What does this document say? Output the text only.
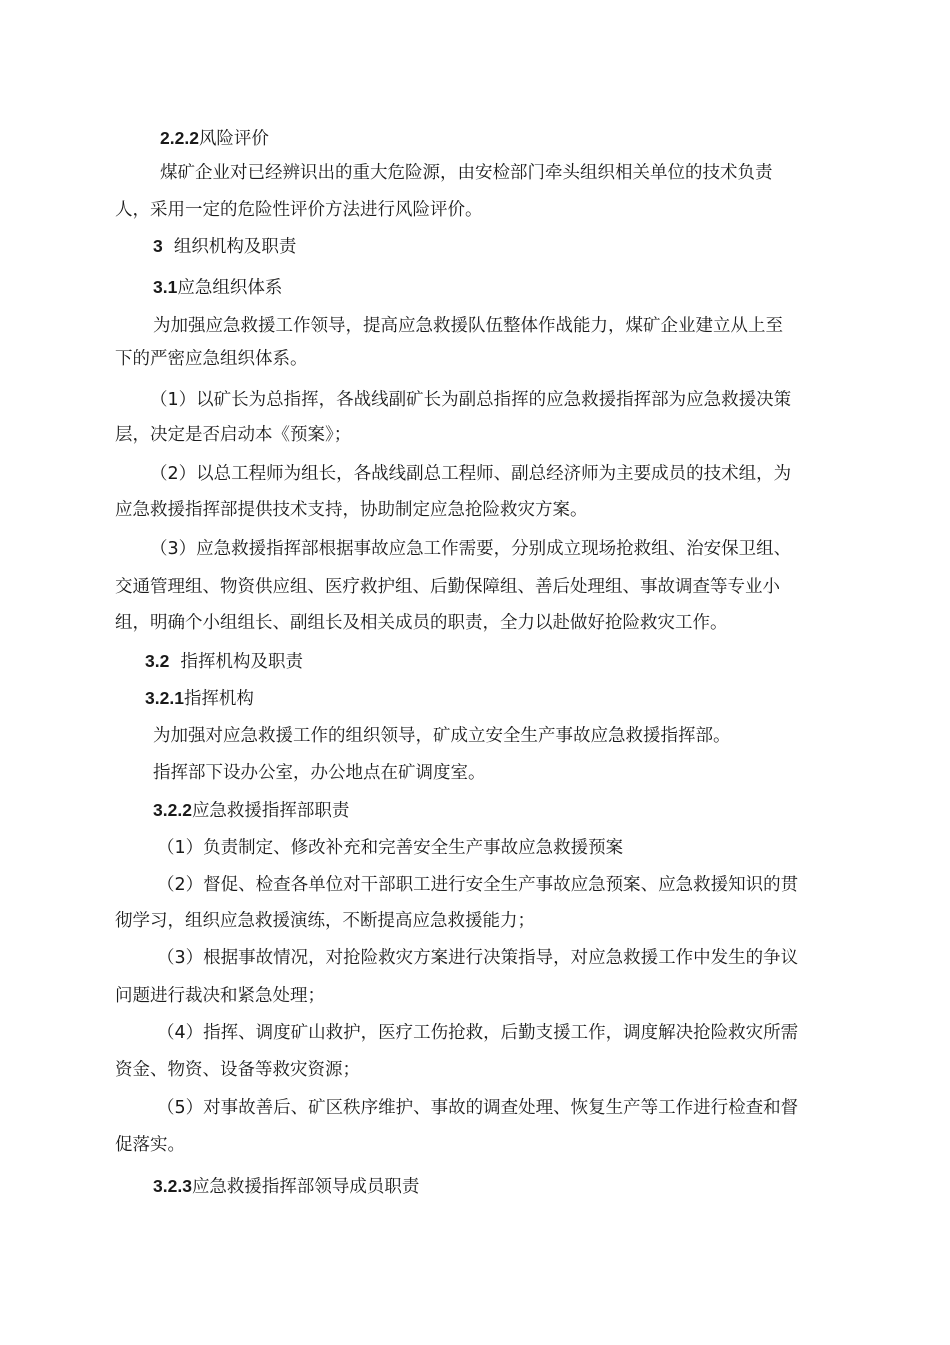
2.2.2风险评价
煤矿企业对已经辨识出的重大危险源，由安检部门牵头组织相关单位的技术负责
人，采用一定的危险性评价方法进行风险评价。
3 组织机构及职责
3.1应急组织体系
为加强应急救援工作领导，提高应急救援队伍整体作战能力，煤矿企业建立从上至
下的严密应急组织体系。
（1）以矿长为总指挥，各战线副矿长为副总指挥的应急救援指挥部为应急救援决策
层，决定是否启动本《预案》；
（2）以总工程师为组长，各战线副总工程师、副总经济师为主要成员的技术组，为
应急救援指挥部提供技术支持，协助制定应急抢险救灾方案。
（3）应急救援指挥部根据事故应急工作需要，分别成立现场抢救组、治安保卫组、
交通管理组、物资供应组、医疗救护组、后勤保障组、善后处理组、事故调查等专业小
组，明确个小组组长、副组长及相关成员的职责，全力以赴做好抢险救灾工作。
3.2 指挥机构及职责
3.2.1指挥机构
为加强对应急救援工作的组织领导，矿成立安全生产事故应急救援指挥部。
指挥部下设办公室，办公地点在矿调度室。
3.2.2应急救援指挥部职责
（1）负责制定、修改补充和完善安全生产事故应急救援预案
（2）督促、检查各单位对干部职工进行安全生产事故应急预案、应急救援知识的贯
彻学习，组织应急救援演练，不断提高应急救援能力；
（3）根据事故情况，对抢险救灾方案进行决策指导，对应急救援工作中发生的争议
问题进行裁决和紧急处理；
（4）指挥、调度矿山救护，医疗工伤抢救，后勤支援工作，调度解决抢险救灾所需
资金、物资、设备等救灾资源；
（5）对事故善后、矿区秩序维护、事故的调查处理、恢复生产等工作进行检查和督
促落实。
3.2.3应急救援指挥部领导成员职责
